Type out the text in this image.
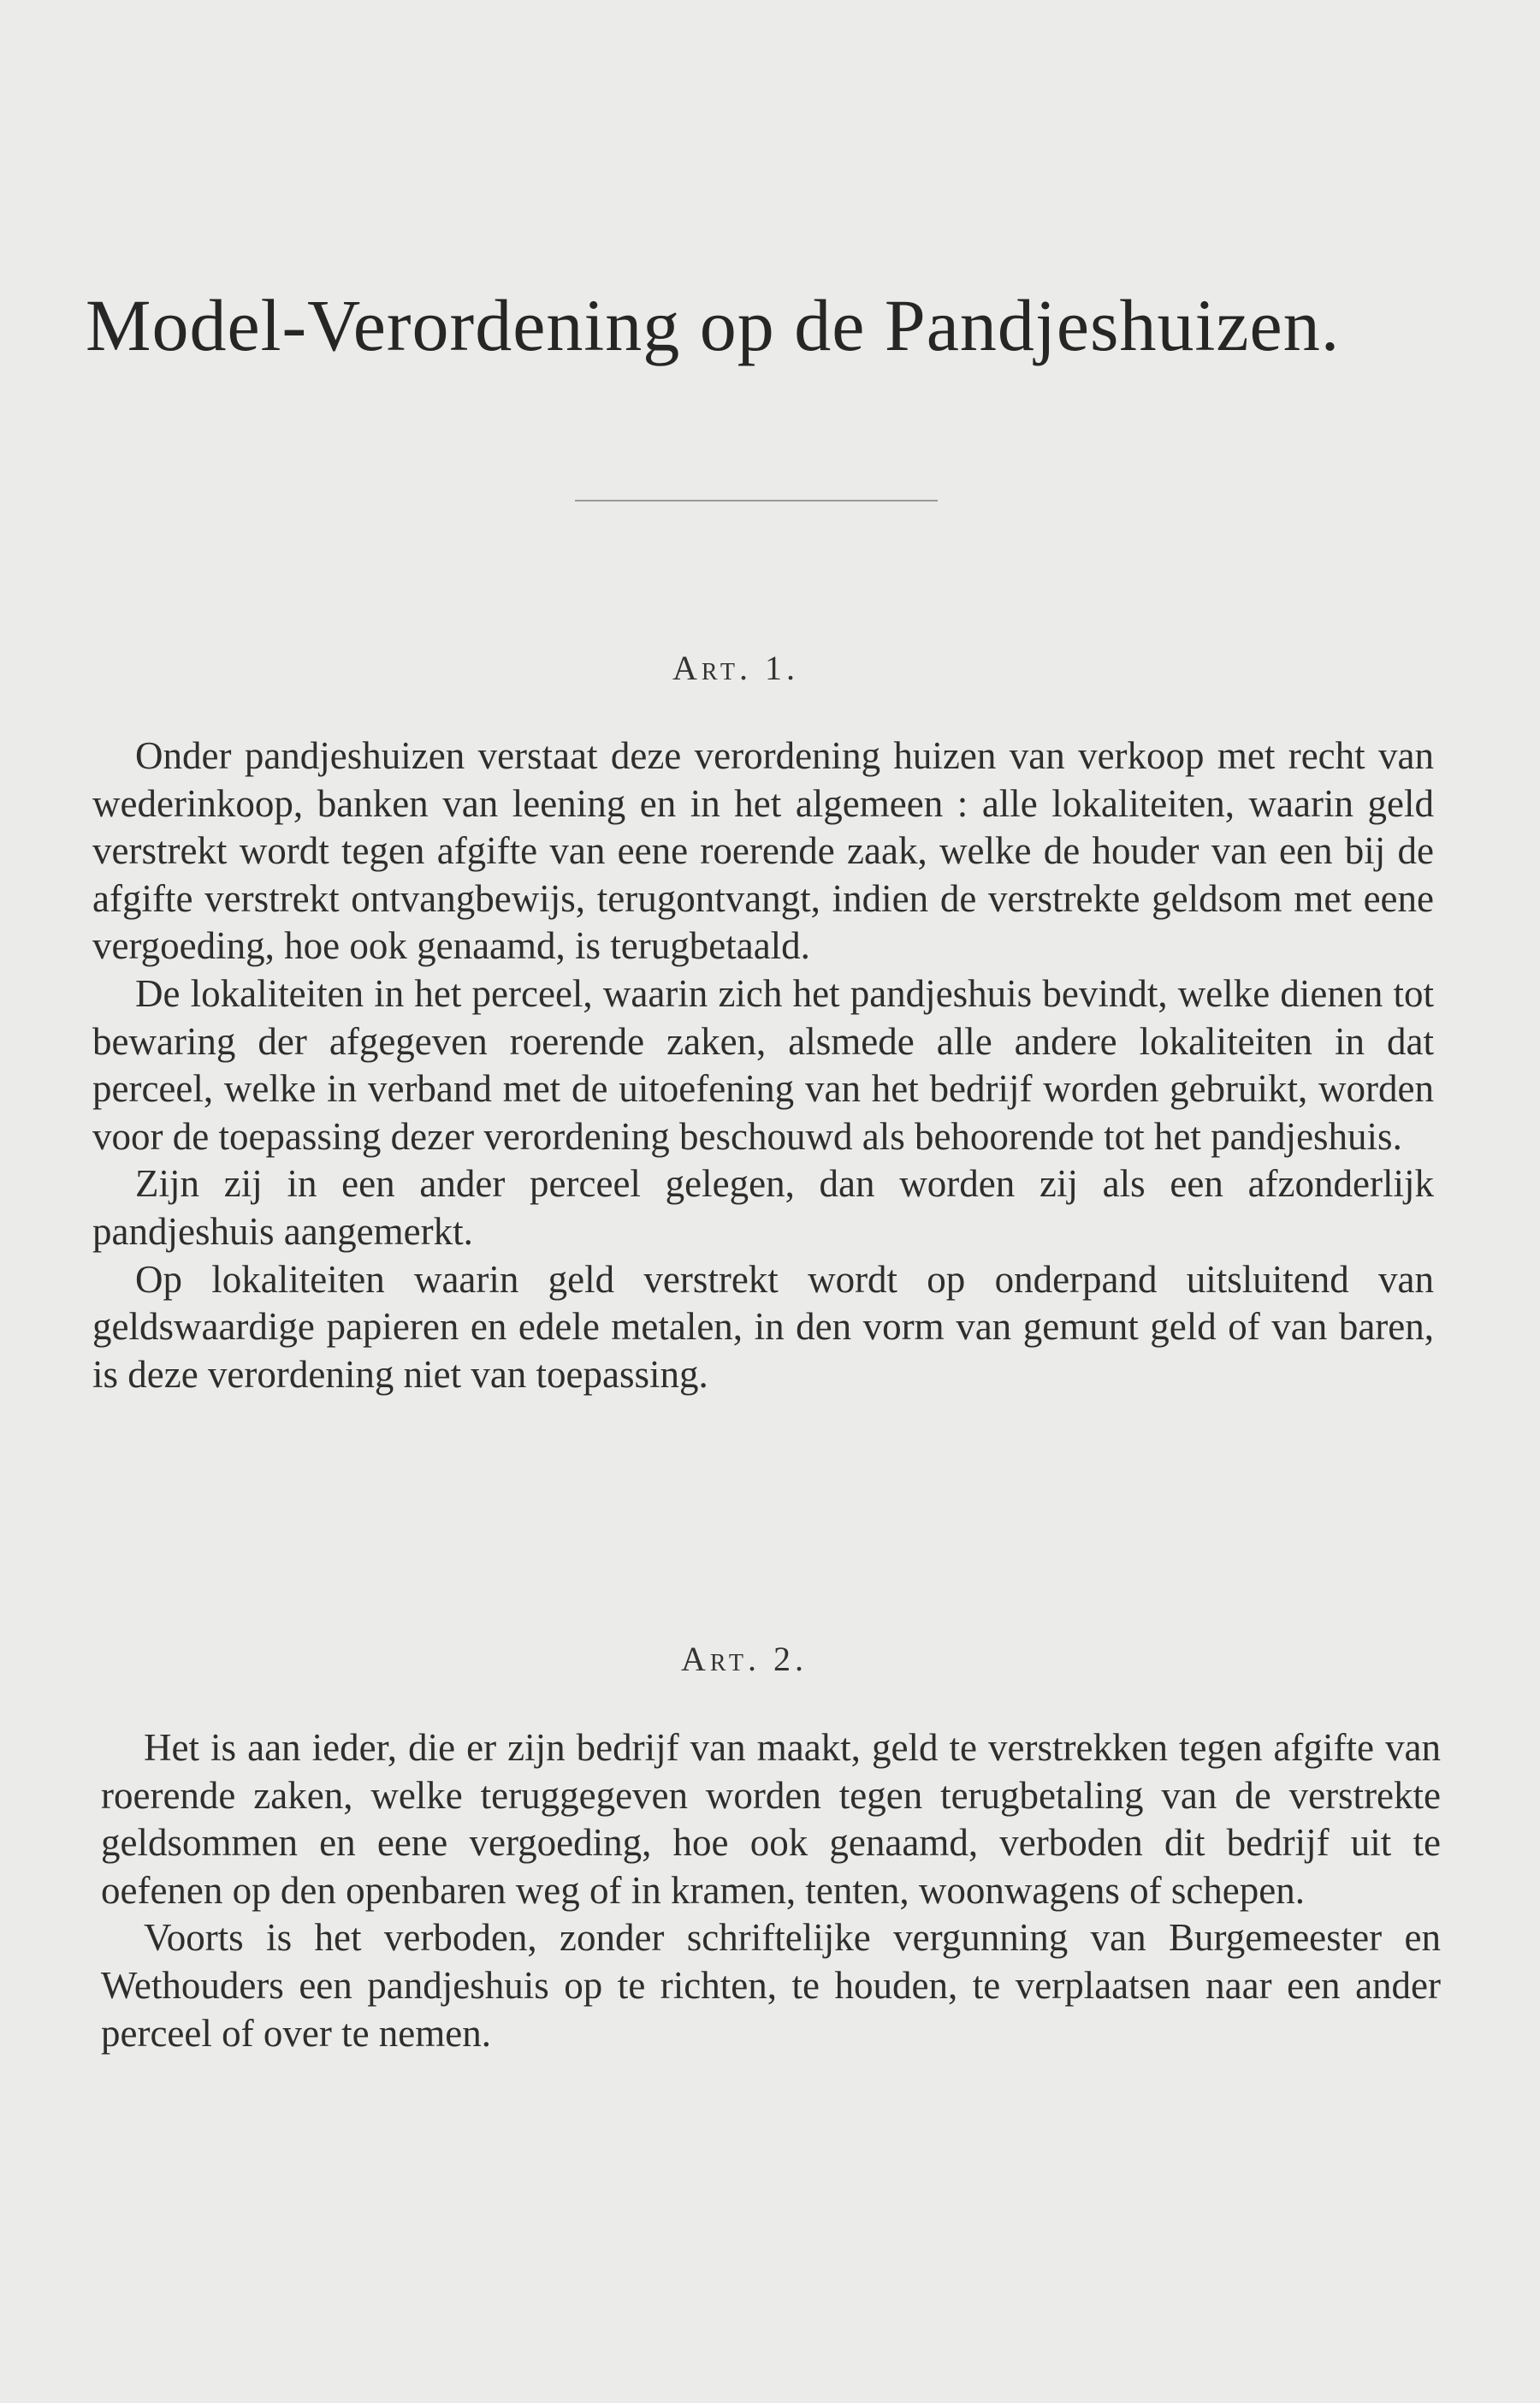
Model-Verordening op de Pandjeshuizen.
Art. 1.

Onder pandjeshuizen verstaat deze verordening huizen van verkoop met recht van wederinkoop, banken van leening en in het algemeen : alle lokaliteiten, waarin geld verstrekt wordt tegen afgifte van eene roerende zaak, welke de houder van een bij de afgifte verstrekt ontvangbewijs, terugontvangt, indien de verstrekte geldsom met eene vergoeding, hoe ook genaamd, is terugbetaald.

De lokaliteiten in het perceel, waarin zich het pandjeshuis bevindt, welke dienen tot bewaring der afgegeven roerende zaken, alsmede alle andere lokaliteiten in dat perceel, welke in verband met de uitoefening van het bedrijf worden gebruikt, worden voor de toepassing dezer verordening beschouwd als behoorende tot het pandjeshuis.

Zijn zij in een ander perceel gelegen, dan worden zij als een afzonderlijk pandjeshuis aangemerkt.

Op lokaliteiten waarin geld verstrekt wordt op onderpand uitsluitend van geldswaardige papieren en edele metalen, in den vorm van gemunt geld of van baren, is deze verordening niet van toepassing.

Art. 2.

Het is aan ieder, die er zijn bedrijf van maakt, geld te verstrekken tegen afgifte van roerende zaken, welke teruggegeven worden tegen terugbetaling van de verstrekte geldsommen en eene vergoeding, hoe ook genaamd, verboden dit bedrijf uit te oefenen op den openbaren weg of in kramen, tenten, woonwagens of schepen.

Voorts is het verboden, zonder schriftelijke vergunning van Burgemeester en Wethouders een pandjeshuis op te richten, te houden, te verplaatsen naar een ander perceel of over te nemen.
